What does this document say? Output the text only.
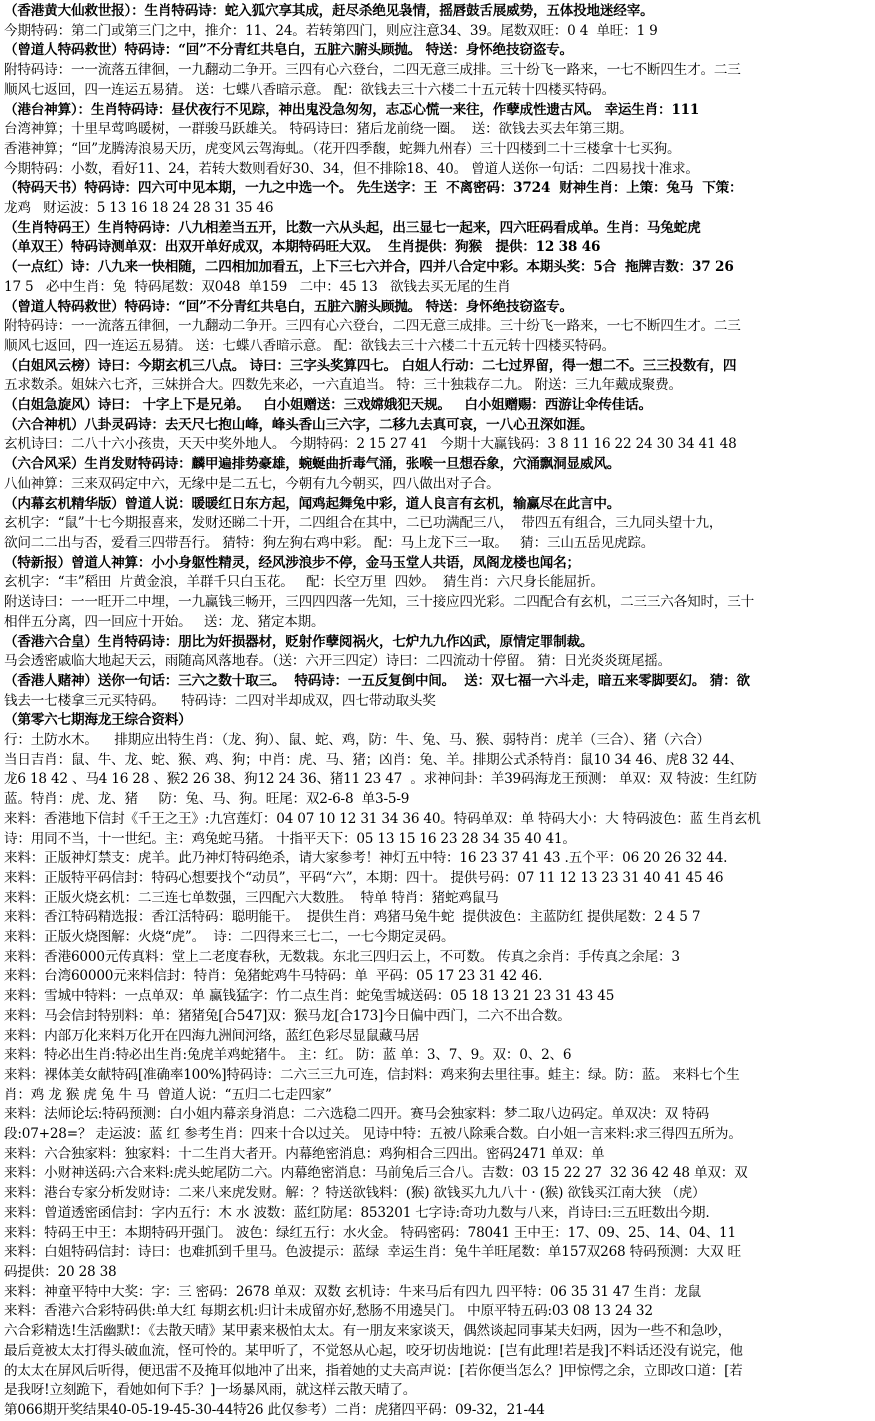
（香港黄大仙救世报）：生肖特码诗：蛇入狐穴享其成，赶尽杀绝见袅情，摇唇鼓舌展威势，五体投地迷经宰。
今期特码：第二门或第三门之中，推介：11、24。若转第四门，则应注意34、39。尾数双旺：0 4  单旺：1 9
（曾道人特码救世）特码诗：“回”不分青红共皂白，五脏六腑头顾抛。 特送：身怀绝技窃盗专。
附特码诗：一一流落五律徊，一九翻动二争开。三四有心六登台，二四无意三成排。三十纷飞一路来，一七不断四生才。二三
顺风七返回，四一连运五易猜。 送：七蝶八香暗示意。 配：欲钱去三十六楼二十五元转十四楼买特码。
（港台神算）：生肖特码诗：昼伏夜行不见踪，神出鬼没急匆匆，志忑心慌一来往，作孽成性遗古风。 幸运生肖：111
台湾神算；十里早莺鸣暖树，一群骏马跃雄关。 特码诗曰：猪后龙前绕一圈。  送：欲钱去买去年第三期。
香港神算；“回”龙腾涛浪易天历，虎变风云驾海虬。（花开四季馥，蛇舞九州春）三十四楼到二十三楼拿十七买狗。
今期特码：小数，看好11、24，若转大数则看好30、34，但不排除18、40。 曾道人送你一句话：二四易找十准求。
（特码天书）特码诗：四六可中见本期，一九之中选一个。 先生送字：王  不离密码：3724  财神生肖：上策：兔马  下策：
龙鸡   财运波：5 13 16 18 24 28 31 35 46
（生肖特码王）生肖特码诗：八九相差当五开，比数一六从头起，出三显七一起来，四六旺码看成单。生肖：马兔蛇虎
（单双王）特码诗测单双：出双开单好成双，本期特码旺大双。  生肖提供：狗猴   提供：12 38 46
（一点红）诗：八九来一快相随，二四相加加看五，上下三七六并合，四并八合定中彩。本期头奖：5合  拖牌吉数：37 26
17 5   必中生肖：兔  特码尾数：双048  单159   二中：45 13   欲钱去买无尾的生肖
（曾道人特码救世）特码诗：“回”不分青红共皂白，五脏六腑头顾抛。 特送：身怀绝技窃盗专。
附特码诗：一一流落五律徊，一九翻动二争开。三四有心六登台，二四无意三成排。三十纷飞一路来，一七不断四生才。二三
顺风七返回，四一连运五易猜。 送：七蝶八香暗示意。 配：欲钱去三十六楼二十五元转十四楼买特码。
（白姐风云榜）诗曰：今期玄机三八点。 诗曰：三字头奖算四七。 白姐人行动：二七过界留，得一想二不。三三投数有，四
五求数杀。姐妹六七齐，三妹拼合大。四数先来必，一六直追当。 特：三十独栽存二九。 附送：三九年戴成聚费。
（白姐急旋风）诗曰： 十字上下是兄弟。   白小姐赠送：三戏嫦娥犯天规。   白小姐赠赐：西游让伞传佳话。
（六合神机）八卦灵码诗：去天尺七抱山峰，峰头香山三六字，二移九去真可哀，一八心丑深如涯。
玄机诗曰：二八十六小孩贵，天天中奖外地人。 今期特码：2 15 27 41   今期十大赢钱码：3 8 11 16 22 24 30 34 41 48
（六合风采）生肖发财特码诗：麟甲遍排势豪雄，蜿蜒曲折毒气涌，张喉一旦想吞象，穴涌飘洞显威风。
八仙神算：三来双码定中六，无缘中是二五七，今朝有九今朝买，四八做出对子合。
（内幕玄机精华版）曾道人说：暖暖红日东方起，闻鸡起舞兔中彩，道人良言有玄机，输赢尽在此言中。
玄机字：“鼠”十七今期报喜来，发财还睇二十开，二四组合在其中，二已功满配三八，  带四五有组合，三九同头望十九，
欲问二二出与否，爱看三四带吾行。 猜特：狗左狗右鸡中彩。 配：马上龙下三一取。   猜：三山五岳见虎踪。
（特新报）曾道人神算：小小身躯性精灵，经风涉浪步不停，金马玉堂人共语，凤阁龙楼也闻名；
玄机字：“丰”稻田  片黄金浪，羊群千只白玉花。   配：长空万里  四妙。  猜生肖：六尺身长能屈折。
附送诗曰：一一旺开二中埋，一九赢钱三畅开，三四四四落一先知，三十接应四光彩。二四配合有玄机，二三三六各知时，三十
相伴五分离，四一回应十开始。   送：龙、猪定本期。
（香港六合皇）生肖特码诗：朋比为奸损器材，贬射作孽阅祸火，七炉九九作凶武，原情定罪制裁。
马会透密戚临大地起天云，雨随高风落地春。（送：六开三四定）诗曰：二四流动十停留。 猜：日光炎炎斑尾摇。
（香港人赌神）送你一句话：三六之数十取三。  特码诗：一五反复倒中间。  送：双七福一六斗走，暗五来零脚要幻。 猜：欲
钱去一七楼拿三元买特码。    特码诗：二四对半却成双，四七带动取头奖
（第零六七期海龙王综合资料）
行：土防水木。    排期应出特生肖：（龙、狗）、鼠、蛇、鸡，防：牛、兔、马、猴、弱特肖：虎羊（三合）、猪（六合）
当日吉肖：鼠、牛、龙、蛇、猴、鸡、狗；中肖：虎、马、猪；凶肖：兔、羊。排期公式杀特肖：鼠10 34 46、虎8 32 44、
龙6 18 42 、马4 16 28 、猴2 26 38、狗12 24 36、猪11 23 47  。求神问卦：羊39码海龙王预测： 单双：双 特波：生红防
蓝。特肖：虎、龙、猪     防：兔、马、狗。旺尾：双2-6-8  单3-5-9
来料：香港地下信封《千王之王》:九宫莲灯：04 07 10 12 31 34 36 40。特码单双：单 特码大小：大 特码波色：蓝 生肖玄机
诗：用同不当，十一世纪。主：鸡兔蛇马猪。 十指平天下：05 13 15 16 23 28 34 35 40 41。
来料：正版神灯禁支：虎羊。此乃神灯特码绝杀，请大家参考！神灯五中特：16 23 37 41 43 .五个平：06 20 26 32 44.
来料：正版特平码信封：特码心想要找个“动员”，平码“六”，本期：四十。 提供号码：07 11 12 13 23 31 40 41 45 46
来料：正版火烧玄机：二三连七单数强，三四配六大数胜。  特单 特肖：猪蛇鸡鼠马
来料：香江特码精选报：香江活特码：聪明能干。  提供生肖：鸡猪马兔牛蛇  提供波色：主蓝防红 提供尾数：2 4 5 7
来料：正版火烧图解：火烧“虎”。  诗：二四得来三七二，一七今期定灵码。
来料：香港6000元传真料：堂上二老度春秋，无数栽。东北三四归云上，不可数。 传真之余肖：手传真之余尾：3
来料：台湾60000元来料信封：特肖：兔猪蛇鸡牛马特码：单  平码：05 17 23 31 42 46.
来料：雪城中特料：一点单双：单 赢钱猛字：竹二点生肖：蛇兔雪城送码：05 18 13 21 23 31 43 45
来料：马会信封特别料：单：猪猪兔[合547]双：猴马龙[合173]今日偏中西门，二六不出合数。
来料：内部万化来料万化开在四海九洲间河络，蓝红色彩尽显鼠藏马居
来料：特必出生肖:特必出生肖:兔虎羊鸡蛇猪牛。 主：红。 防：蓝 单：3、7、9。双：0、2、6
来料：裸体美女献特码[准确率100%]特码诗：二六三三九可连，信封料：鸡来狗去里往事。蛙主：绿。防：蓝。 来料七个生
肖：鸡 龙 猴 虎 兔 牛 马  曾道人说：“五归二七走四家”
来料：法师论坛:特码预测：白小姐内幕亲身消息：二六选稳二四开。赛马会独家料：梦二取八边码定。单双决：双 特码
段:07+28=？ 走运波：蓝 红 参考生肖：四来十合以过关。 见诗中特：五被八除乘合数。白小姐一言来料:求三得四五所为。
来料：六合独家料：独家料：十二生肖大者开。内幕绝密消息：鸡狗相合三四出。密码2471 单双：单
来料：小财神送码:六合来料:虎头蛇尾防二六。内幕绝密消息：马前兔后三合八。吉数：03 15 22 27  32 36 42 48 单双：双
来料：港台专家分析发财诗：二来八来虎发财。解：？特送欲钱料：(猴) 欲钱买九九八十 · (猴) 欲钱买江南大狭 （虎）
来料：曾道透密函信封：字内五行：木 水 波数：蓝红防尾：853201 七字诗:奇功九数与八来，肖诗曰:三五旺数出今期.
来料：特码王中王：本期特码开强门。 波色：绿红五行：水火金。 特码密码：78041 王中王：17、09、25、14、04、11
来料：白姐特码信封：诗曰：也难抓到千里马。色波提示：蓝绿  幸运生肖：兔牛羊旺尾数：单157双268 特码预测：大双 旺
码提供：20 28 38
来料：神童平特中大奖：字：三 密码：2678 单双：双数 玄机诗：牛来马后有四九 四平特：06 35 31 47 生肖：龙鼠
来料：香港六合彩特码供:单大红 每期玄机:归计未成留亦好,愁肠不用遶吴门。 中原平特五码:03 08 13 24 32
六合彩精选!生活幽默!：《去散天晴》某甲素来极怕太太。有一朋友来家谈天，偶然谈起同事某夫妇两，因为一些不和急吵，
最后竟被太太打得头破血流，怪可怜的。某甲听了，不觉怒从心起，咬牙切齿地说：[岂有此理!若是我]不料话还没有说完，他
的太太在屏风后听得，便迅雷不及掩耳似地冲了出来，指着她的丈夫高声说：[若你便当怎么？]甲惊愕之余，立即改口道：[若
是我呀!立刻跪下，看她如何下手？]一场暴风雨，就这样云散天晴了。
第066期开奖结果40-05-19-45-30-44特26 此仅参考）二肖：虎猪四平码：09-32，21-44
